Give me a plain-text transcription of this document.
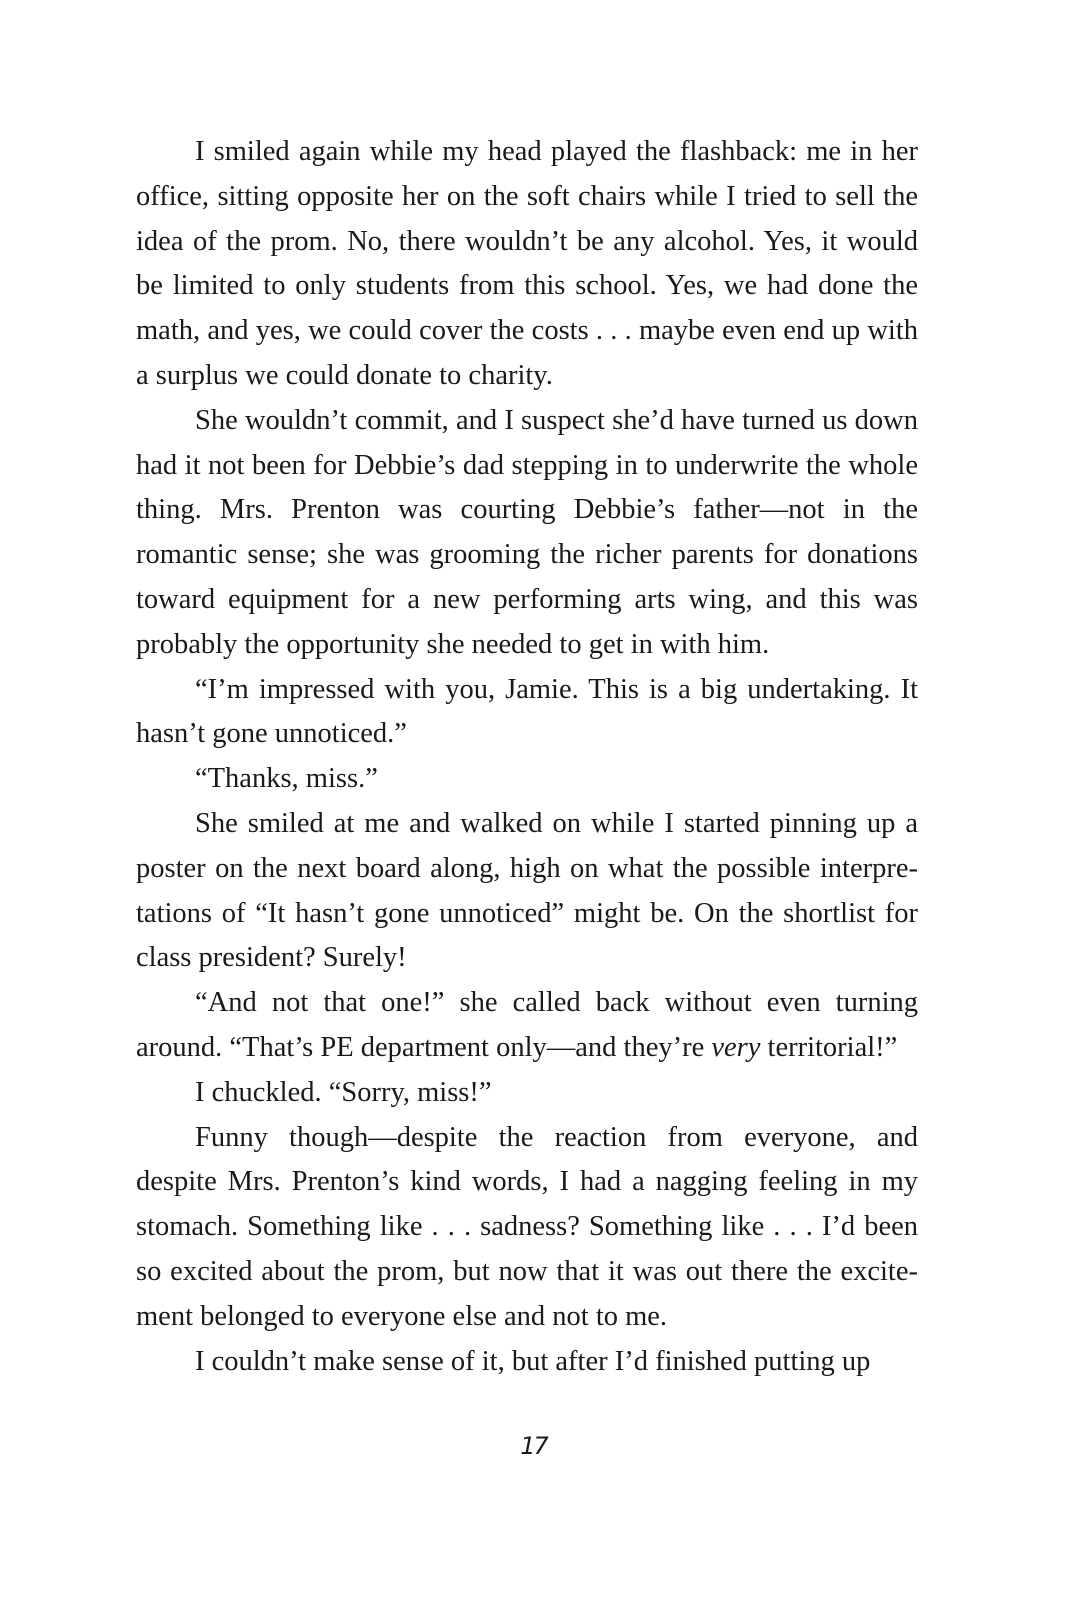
I smiled again while my head played the flashback: me in her office, sitting opposite her on the soft chairs while I tried to sell the idea of the prom. No, there wouldn’t be any alcohol. Yes, it would be limited to only students from this school. Yes, we had done the math, and yes, we could cover the costs . . . maybe even end up with a surplus we could donate to charity.

She wouldn’t commit, and I suspect she’d have turned us down had it not been for Debbie’s dad stepping in to underwrite the whole thing. Mrs. Prenton was courting Debbie’s father—not in the romantic sense; she was grooming the richer parents for donations toward equipment for a new performing arts wing, and this was probably the opportunity she needed to get in with him.

“I’m impressed with you, Jamie. This is a big undertaking. It hasn’t gone unnoticed.”

“Thanks, miss.”

She smiled at me and walked on while I started pinning up a poster on the next board along, high on what the possible interpretations of “It hasn’t gone unnoticed” might be. On the shortlist for class president? Surely!

“And not that one!” she called back without even turning around. “That’s PE department only—and they’re very territorial!”

I chuckled. “Sorry, miss!”

Funny though—despite the reaction from everyone, and despite Mrs. Prenton’s kind words, I had a nagging feeling in my stomach. Something like . . . sadness? Something like . . . I’d been so excited about the prom, but now that it was out there the excitement belonged to everyone else and not to me.

I couldn’t make sense of it, but after I’d finished putting up

17
